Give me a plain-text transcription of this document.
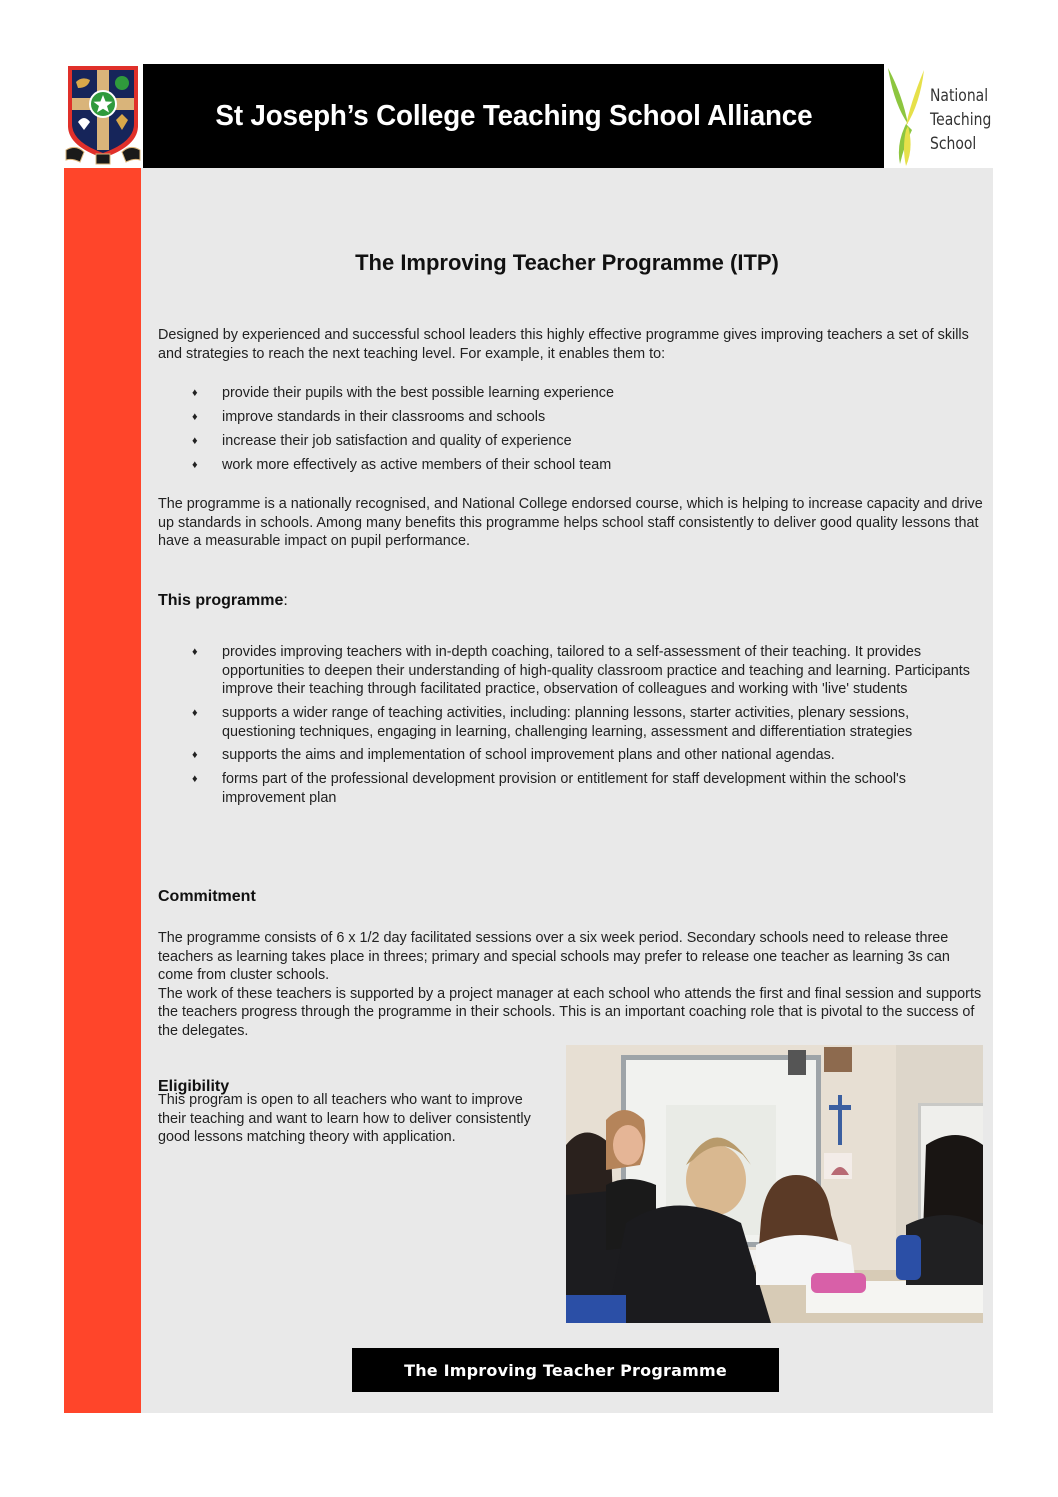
St Joseph’s College Teaching School Alliance
National
Teaching
School
The Improving Teacher Programme (ITP)
Designed by experienced and successful school leaders this highly effective programme gives improving teachers a set of skills and strategies to reach the next teaching level. For example, it enables them to:
♦ provide their pupils with the best possible learning experience
♦ improve standards in their classrooms and schools
♦ increase their job satisfaction and quality of experience
♦ work more effectively as active members of their school team
The programme is a nationally recognised, and National College endorsed course, which is helping to increase capacity and drive up standards in schools. Among many benefits this programme helps school staff consistently to deliver good quality lessons that have a measurable impact on pupil performance.
This programme:
♦ provides improving teachers with in-depth coaching, tailored to a self-assessment of their teaching. It provides opportunities to deepen their understanding of high-quality classroom practice and teaching and learning. Participants improve their teaching through facilitated practice, observation of colleagues and working with 'live' students
♦ supports a wider range of teaching activities, including: planning lessons, starter activities, plenary sessions, questioning techniques, engaging in learning, challenging learning, assessment and differentiation strategies
♦ supports the aims and implementation of school improvement plans and other national agendas.
♦ forms part of the professional development provision or entitlement for staff development within the school's improvement plan
Commitment
The programme consists of 6 x 1/2 day facilitated sessions over a six week period. Secondary schools need to release three teachers as learning takes place in threes; primary and special schools may prefer to release one teacher as learning 3s can come from cluster schools.
The work of these teachers is supported by a project manager at each school who attends the first and final session and supports the teachers progress through the programme in their schools. This is an important coaching role that is pivotal to the success of the delegates.
Eligibility
This program is open to all teachers who want to improve their teaching and want to learn how to deliver consistently good lessons matching theory with application.
The Improving Teacher Programme
